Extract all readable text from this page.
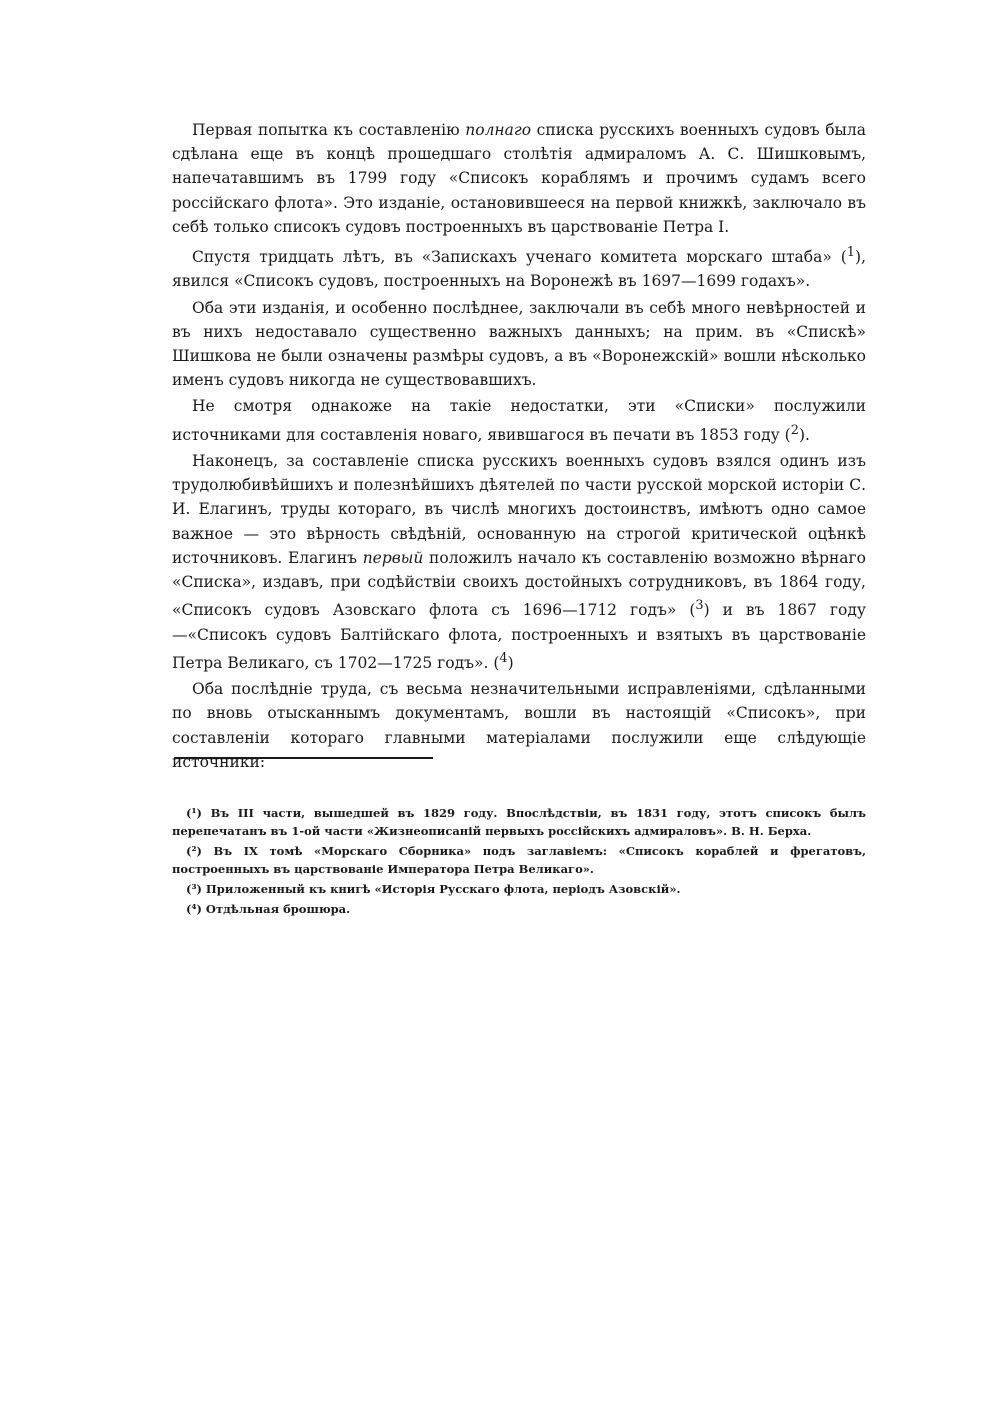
Первая попытка къ составленію полнаго списка русскихъ военныхъ судовъ была сдѣлана еще въ концѣ прошедшаго столѣтія адмираломъ А. С. Шишковымъ, напечатавшимъ въ 1799 году «Списокъ кораблямъ и прочимъ судамъ всего россійскаго флота». Это изданіе, остановившееся на первой книжкѣ, заключало въ себѣ только списокъ судовъ построенныхъ въ царствованіе Петра I.

Спустя тридцать лѣтъ, въ «Запискахъ ученаго комитета морскаго штаба» ($^1$), явился «Списокъ судовъ, построенныхъ на Воронежѣ въ 1697—1699 годахъ».

Оба эти изданія, и особенно послѣднее, заключали въ себѣ много невѣрностей и въ нихъ недоставало существенно важныхъ данныхъ; на прим. въ «Спискѣ» Шишкова не были означены размѣры судовъ, а въ «Воронежскій» вошли нѣсколько именъ судовъ никогда не существовавшихъ.

Не смотря однакоже на такіе недостатки, эти «Списки» послужили источниками для составленія новаго, явившагося въ печати въ 1853 году ($^2$).

Наконецъ, за составленіе списка русскихъ военныхъ судовъ взялся одинъ изъ трудолюбивѣйшихъ и полезнѣйшихъ дѣятелей по части русской морской исторіи С. И. Елагинъ, труды котораго, въ числѣ многихъ достоинствъ, имѣютъ одно самое важное — это вѣрность свѣдѣній, основанную на строгой критической оцѣнкѣ источниковъ. Елагинъ первый положилъ начало къ составленію возможно вѣрнаго «Списка», издавъ, при содѣйствіи своихъ достойныхъ сотрудниковъ, въ 1864 году, «Списокъ судовъ Азовскаго флота съ 1696—1712 годъ» ($^3$) и въ 1867 году—«Списокъ судовъ Балтійскаго флота, построенныхъ и взятыхъ въ царствованіе Петра Великаго, съ 1702—1725 годъ». ($^4$)

Оба послѣдніе труда, съ весьма незначительными исправленіями, сдѣланными по вновь отысканнымъ документамъ, вошли въ настоящій «Списокъ», при составленіи котораго главными матеріалами послужили еще слѣдующіе источники:

(¹) Въ III части, вышедшей въ 1829 году. Впослѣдствіи, въ 1831 году, этотъ списокъ былъ перепечатанъ въ 1-ой части «Жизнеописаній первыхъ россійскихъ адмираловъ». В. Н. Берха.

(²) Въ IX томѣ «Морскаго Сборника» подъ заглавіемъ: «Списокъ кораблей и фрегатовъ, построенныхъ въ царствованіе Императора Петра Великаго».

(³) Приложенный къ книгѣ «Исторія Русскаго флота, періодъ Азовскій».

(⁴) Отдѣльная брошюра.
